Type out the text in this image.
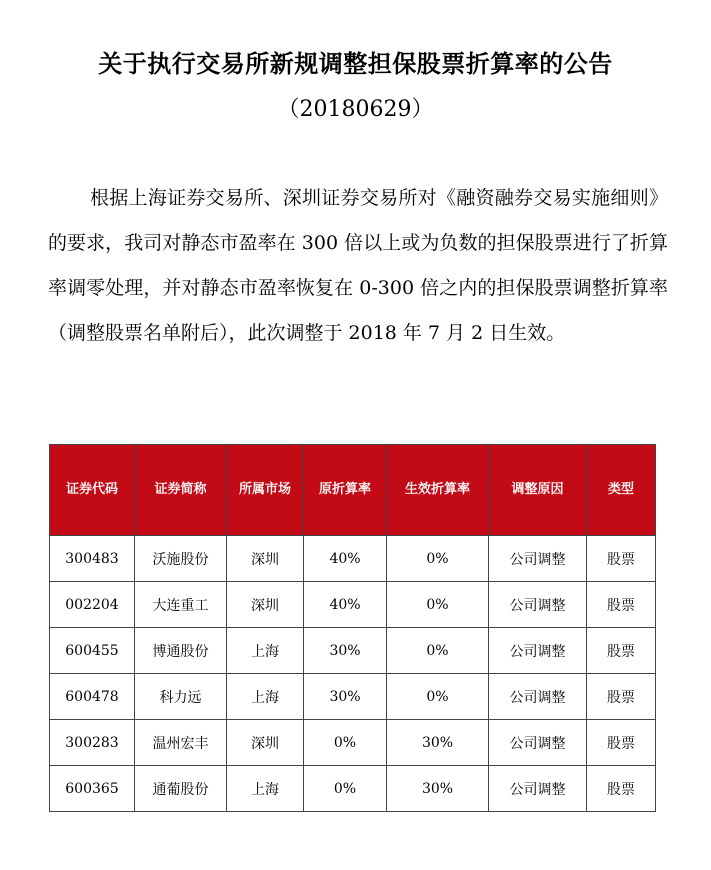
关于执行交易所新规调整担保股票折算率的公告
（20180629）
根据上海证券交易所、深圳证券交易所对《融资融券交易实施细则》的要求，我司对静态市盈率在 300 倍以上或为负数的担保股票进行了折算率调零处理，并对静态市盈率恢复在 0-300 倍之内的担保股票调整折算率（调整股票名单附后），此次调整于 2018 年 7 月 2 日生效。
证券代码	证券简称	所属市场	原折算率	生效折算率	调整原因	类型
300483	沃施股份	深圳	40%	0%	公司调整	股票
002204	大连重工	深圳	40%	0%	公司调整	股票
600455	博通股份	上海	30%	0%	公司调整	股票
600478	科力远	上海	30%	0%	公司调整	股票
300283	温州宏丰	深圳	0%	30%	公司调整	股票
600365	通葡股份	上海	0%	30%	公司调整	股票
